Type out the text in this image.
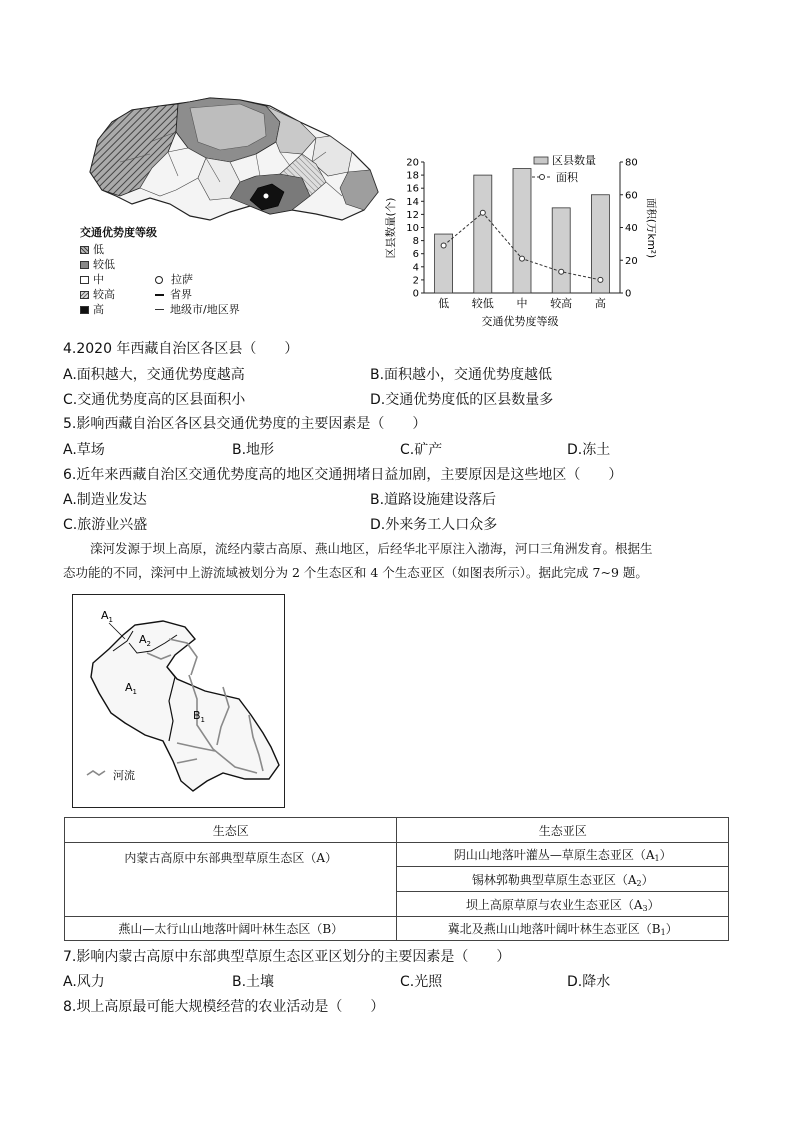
交通优势度等级
低
较低
中
较高
高
拉萨
省界
地级市/地区界
0
2
4
6
8
10
12
14
16
18
20
0
20
40
60
80
低 较低 中 较高 高
区县数量
面积
交通优势度等级
区县数量(个)	面积(万km²)
4.2020 年西藏自治区各区县（　　）
A.面积越大，交通优势度越高	B.面积越小，交通优势度越低
C.交通优势度高的区县面积小	D.交通优势度低的区县数量多
5.影响西藏自治区各区县交通优势度的主要因素是（　　）
A.草场	B.地形	C.矿产	D.冻土
6.近年来西藏自治区交通优势度高的地区交通拥堵日益加剧，主要原因是这些地区（　　）
A.制造业发达	B.道路设施建设落后
C.旅游业兴盛	D.外来务工人口众多
滦河发源于坝上高原，流经内蒙古高原、燕山地区，后经华北平原注入渤海，河口三角洲发育。根据生
态功能的不同，滦河中上游流域被划分为 2 个生态区和 4 个生态亚区（如图表所示）。据此完成 7~9 题。
$A_1$
$A_2$
$A_1$
$B_1$
河流
生态区	生态亚区
内蒙古高原中东部典型草原生态区（A）	阴山山地落叶灌丛—草原生态亚区$(A_1)$
	锡林郭勒典型草原生态亚区$(A_2)$
	坝上高原草原与农业生态亚区$(A_3)$
燕山—太行山山地落叶阔叶林生态区（B）	冀北及燕山山地落叶阔叶林生态亚区$(B_1)$
7.影响内蒙古高原中东部典型草原生态区亚区划分的主要因素是（　　）
A.风力	B.土壤	C.光照	D.降水
8.坝上高原最可能大规模经营的农业活动是（　　）
